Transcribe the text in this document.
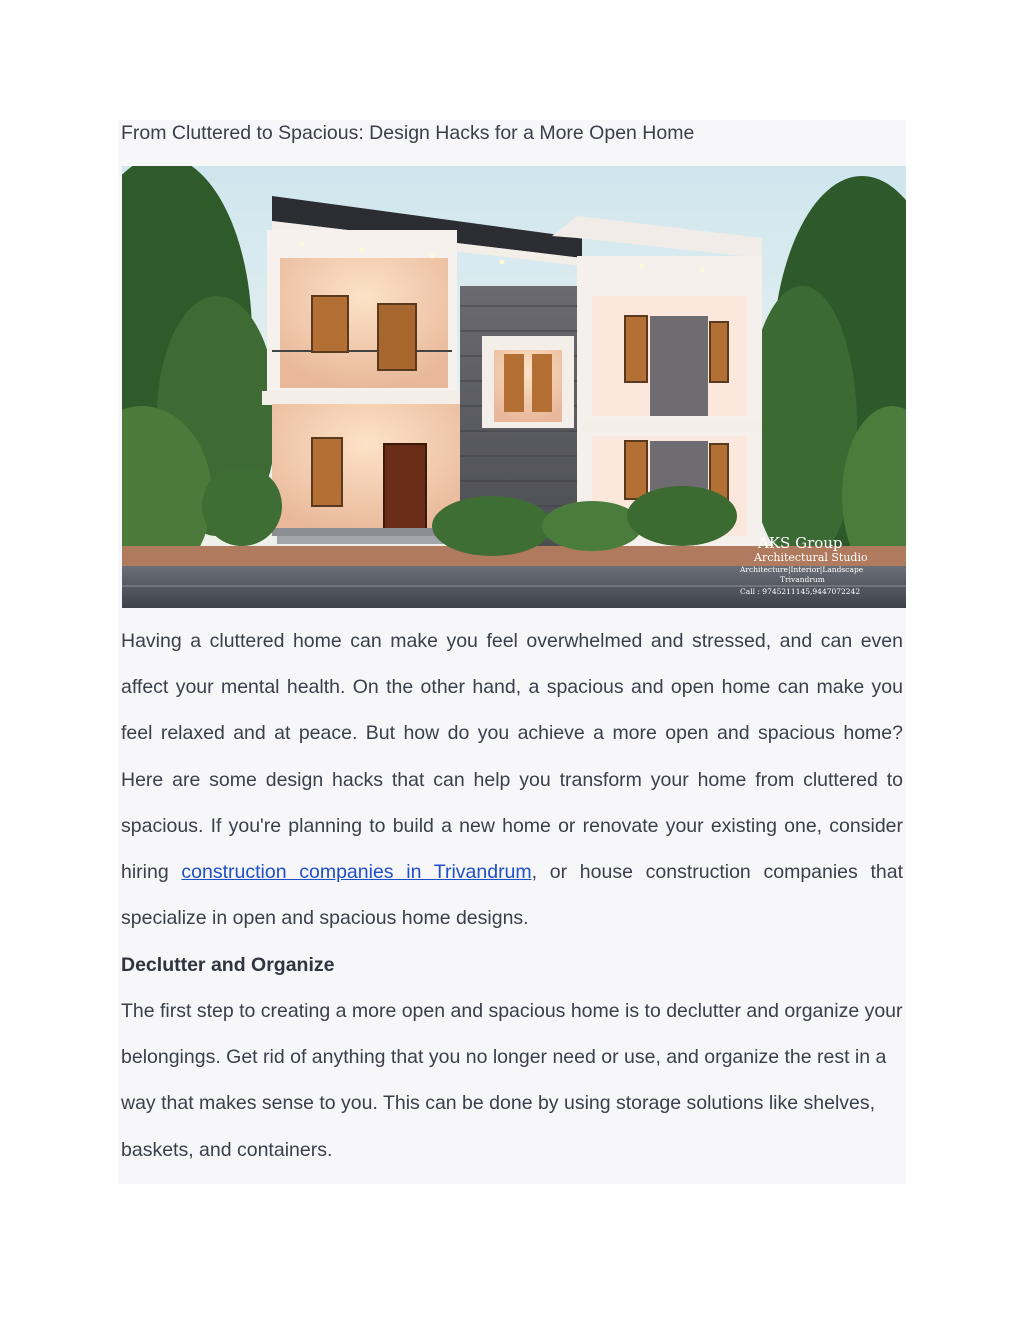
From Cluttered to Spacious: Design Hacks for a More Open Home
AKS Group
Architectural Studio
Architecture|Interior|Landscape
Trivandrum
Call : 9745211145,9447072242

Having a cluttered home can make you feel overwhelmed and stressed, and can even affect your mental health. On the other hand, a spacious and open home can make you feel relaxed and at peace. But how do you achieve a more open and spacious home? Here are some design hacks that can help you transform your home from cluttered to spacious. If you're planning to build a new home or renovate your existing one, consider hiring construction companies in Trivandrum, or house construction companies that specialize in open and spacious home designs.

Declutter and Organize

The first step to creating a more open and spacious home is to declutter and organize your belongings. Get rid of anything that you no longer need or use, and organize the rest in a way that makes sense to you. This can be done by using storage solutions like shelves, baskets, and containers.
